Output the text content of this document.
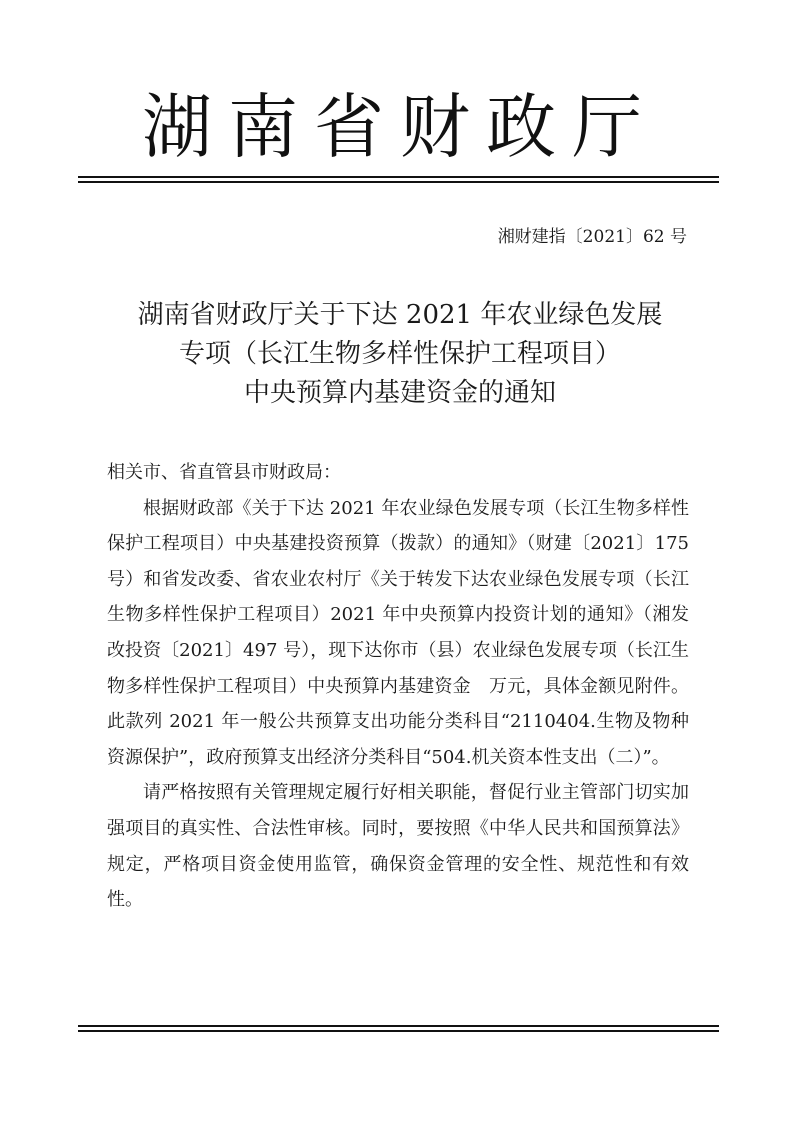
湖南省财政厅
湘财建指〔2021〕62 号
湖南省财政厅关于下达 2021 年农业绿色发展
专项（长江生物多样性保护工程项目）
中央预算内基建资金的通知

相关市、省直管县市财政局：

根据财政部《关于下达 2021 年农业绿色发展专项（长江生物多样性保护工程项目）中央基建投资预算（拨款）的通知》（财建〔2021〕175 号）和省发改委、省农业农村厅《关于转发下达农业绿色发展专项（长江生物多样性保护工程项目）2021 年中央预算内投资计划的通知》（湘发改投资〔2021〕497 号），现下达你市（县）农业绿色发展专项（长江生物多样性保护工程项目）中央预算内基建资金　万元，具体金额见附件。此款列 2021 年一般公共预算支出功能分类科目“2110404.生物及物种资源保护”，政府预算支出经济分类科目“504.机关资本性支出（二）”。

请严格按照有关管理规定履行好相关职能，督促行业主管部门切实加强项目的真实性、合法性审核。同时，要按照《中华人民共和国预算法》规定，严格项目资金使用监管，确保资金管理的安全性、规范性和有效性。
